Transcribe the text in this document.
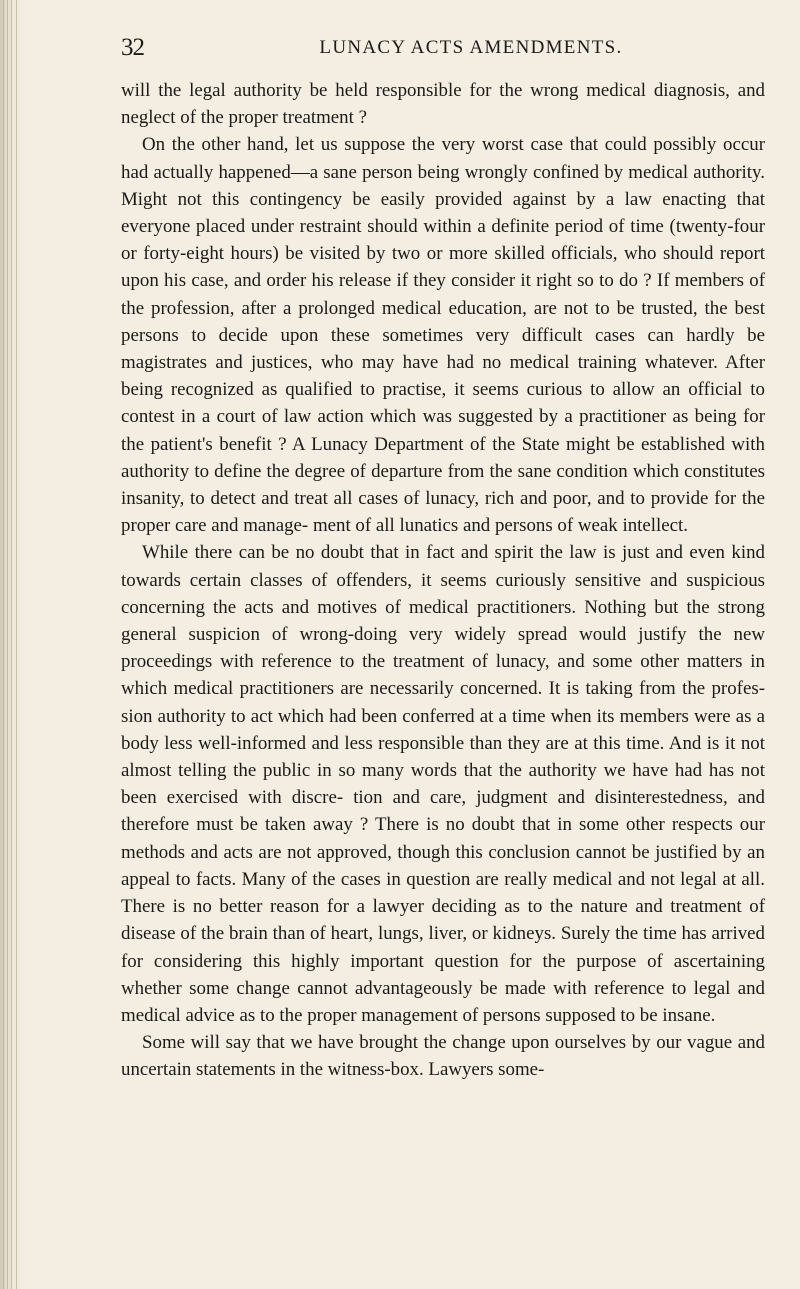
32	LUNACY ACTS AMENDMENTS.

will the legal authority be held responsible for the wrong medical diagnosis, and neglect of the proper treatment ?

On the other hand, let us suppose the very worst case that could possibly occur had actually happened—a sane person being wrongly confined by medical authority. Might not this contingency be easily provided against by a law enacting that everyone placed under restraint should within a definite period of time (twenty-four or forty-eight hours) be visited by two or more skilled officials, who should report upon his case, and order his release if they consider it right so to do ? If members of the profession, after a prolonged medical education, are not to be trusted, the best persons to decide upon these sometimes very difficult cases can hardly be magistrates and justices, who may have had no medical training whatever. After being recognized as qualified to practise, it seems curious to allow an official to contest in a court of law action which was suggested by a practitioner as being for the patient's benefit ? A Lunacy Department of the State might be established with authority to define the degree of departure from the sane condition which constitutes insanity, to detect and treat all cases of lunacy, rich and poor, and to provide for the proper care and manage- ment of all lunatics and persons of weak intellect.

While there can be no doubt that in fact and spirit the law is just and even kind towards certain classes of offenders, it seems curiously sensitive and suspicious concerning the acts and motives of medical practitioners. Nothing but the strong general suspicion of wrong-doing very widely spread would justify the new proceedings with reference to the treatment of lunacy, and some other matters in which medical practitioners are necessarily concerned. It is taking from the profes- sion authority to act which had been conferred at a time when its members were as a body less well-informed and less responsible than they are at this time. And is it not almost telling the public in so many words that the authority we have had has not been exercised with discre- tion and care, judgment and disinterestedness, and therefore must be taken away ? There is no doubt that in some other respects our methods and acts are not approved, though this conclusion cannot be justified by an appeal to facts. Many of the cases in question are really medical and not legal at all. There is no better reason for a lawyer deciding as to the nature and treatment of disease of the brain than of heart, lungs, liver, or kidneys. Surely the time has arrived for considering this highly important question for the purpose of ascertaining whether some change cannot advantageously be made with reference to legal and medical advice as to the proper management of persons supposed to be insane.

Some will say that we have brought the change upon ourselves by our vague and uncertain statements in the witness-box. Lawyers some-
